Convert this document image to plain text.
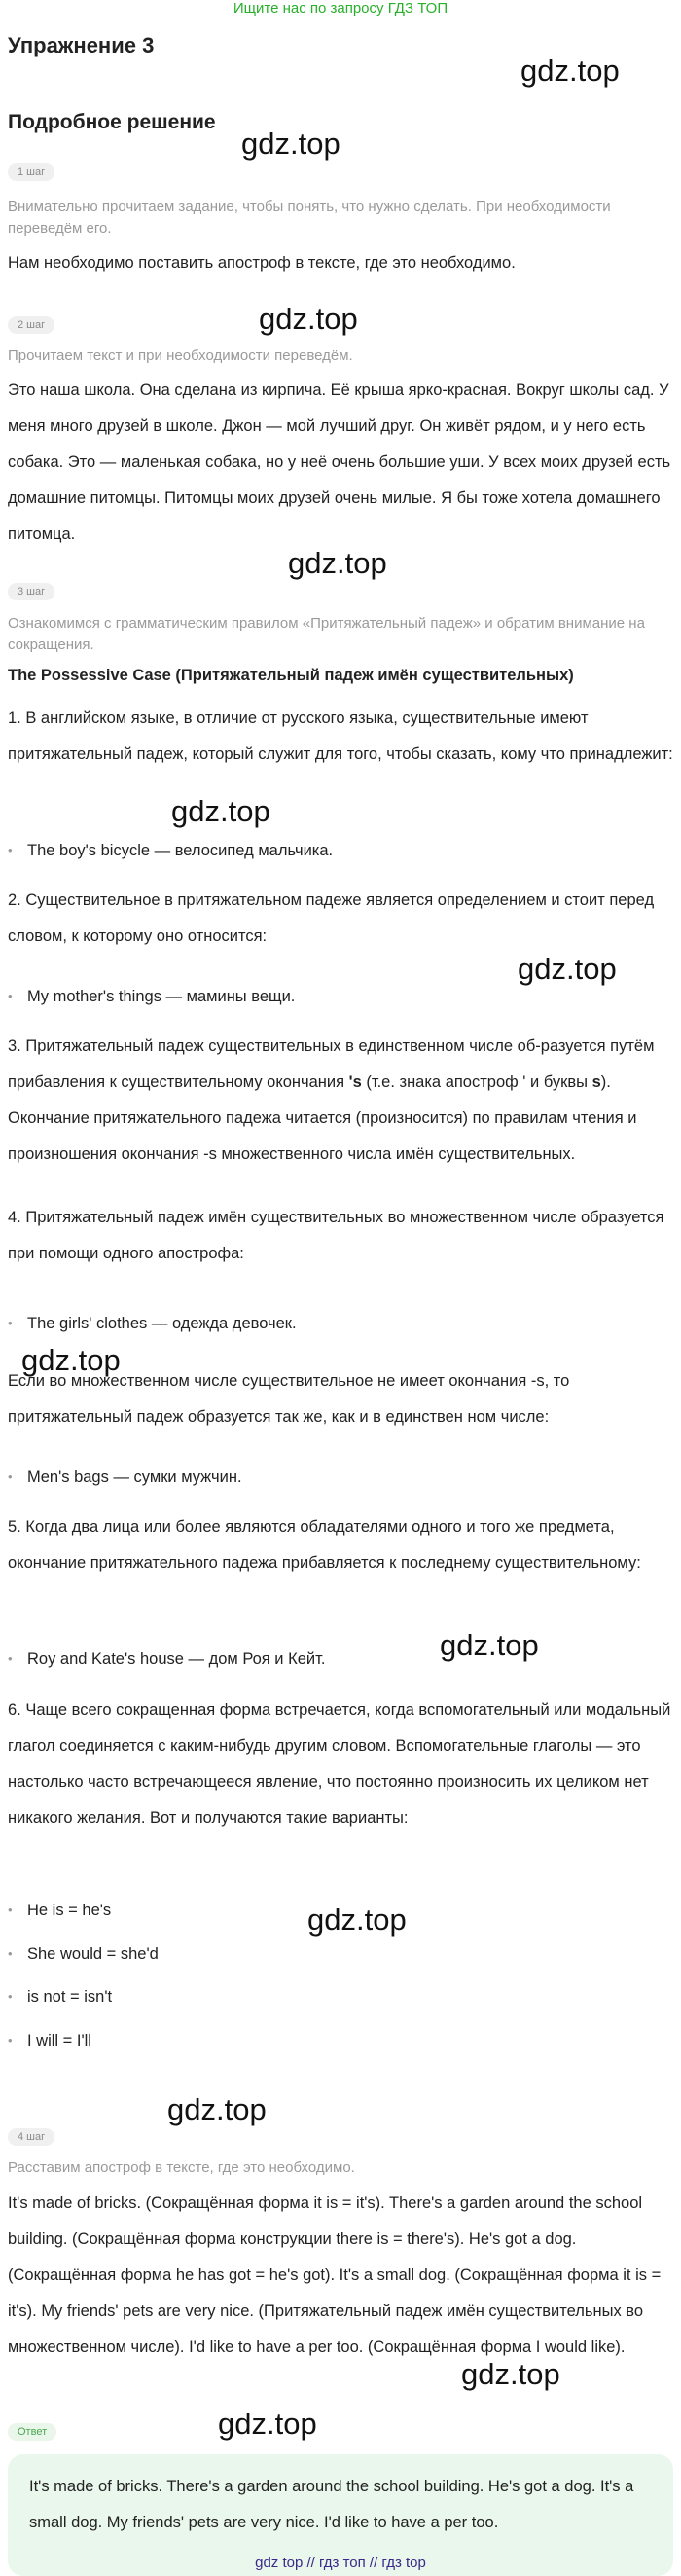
Ищите нас по запросу ГДЗ ТОП
Упражнение 3
Подробное решение
gdz.top
gdz.top
gdz.top
gdz.top
gdz.top
gdz.top
gdz.top
gdz.top
gdz.top
gdz.top
gdz.top
gdz.top
1 шаг
Внимательно прочитаем задание, чтобы понять, что нужно сделать. При необходимости переведём его.
Нам необходимо поставить апостроф в тексте, где это необходимо.
2 шаг
Прочитаем текст и при необходимости переведём.
Это наша школа. Она сделана из кирпича. Её крыша ярко-красная. Вокруг школы сад. У меня много друзей в школе. Джон — мой лучший друг. Он живёт рядом, и у него есть собака. Это — маленькая собака, но у неё очень большие уши. У всех моих друзей есть домашние питомцы. Питомцы моих друзей очень милые. Я бы тоже хотела домашнего питомца.
3 шаг
Ознакомимся с грамматическим правилом «Притяжательный падеж» и обратим внимание на сокращения.
The Possessive Case (Притяжательный падеж имён существительных)
1. В английском языке, в отличие от русского языка, существительные имеют притяжательный падеж, который служит для того, чтобы сказать, кому что принадлежит:
• The boy's bicycle — велосипед мальчика.
2. Существительное в притяжательном падеже является определением и стоит перед словом, к которому оно относится:
• My mother's things — мамины вещи.
3. Притяжательный падеж существительных в единственном числе об-разуется путём прибавления к существительному окончания 's (т.е. знака апостроф ' и буквы s). Окончание притяжательного падежа читается (произносится) по правилам чтения и произношения окончания -s множественного числа имён существительных.
4. Притяжательный падеж имён существительных во множественном числе образуется при помощи одного апострофа:
• The girls' clothes — одежда девочек.
Если во множественном числе существительное не имеет окончания -s, то притяжательный падеж образуется так же, как и в единствен ном числе:
• Men's bags — сумки мужчин.
5. Когда два лица или более являются обладателями одного и того же предмета, окончание притяжательного падежа прибавляется к последнему существительному:
• Roy and Kate's house — дом Роя и Кейт.
6. Чаще всего сокращенная форма встречается, когда вспомогательный или модальный глагол соединяется с каким-нибудь другим словом. Вспомогательные глаголы — это настолько часто встречающееся явление, что постоянно произносить их целиком нет никакого желания. Вот и получаются такие варианты:
• He is = he's
• She would = she'd
• is not = isn't
• I will = I'll
4 шаг
Расставим апостроф в тексте, где это необходимо.
It's made of bricks. (Сокращённая форма it is = it's). There's a garden around the school building. (Сокращённая форма конструкции there is = there's). He's got a dog. (Сокращённая форма he has got = he's got). It's a small dog. (Сокращённая форма it is = it's). My friends' pets are very nice. (Притяжательный падеж имён существительных во множественном числе). I'd like to have a per too. (Сокращённая форма I would like).
Ответ
It's made of bricks. There's a garden around the school building. He's got a dog. It's a small dog. My friends' pets are very nice. I'd like to have a per too.
gdz top // гдз топ // гдз top
